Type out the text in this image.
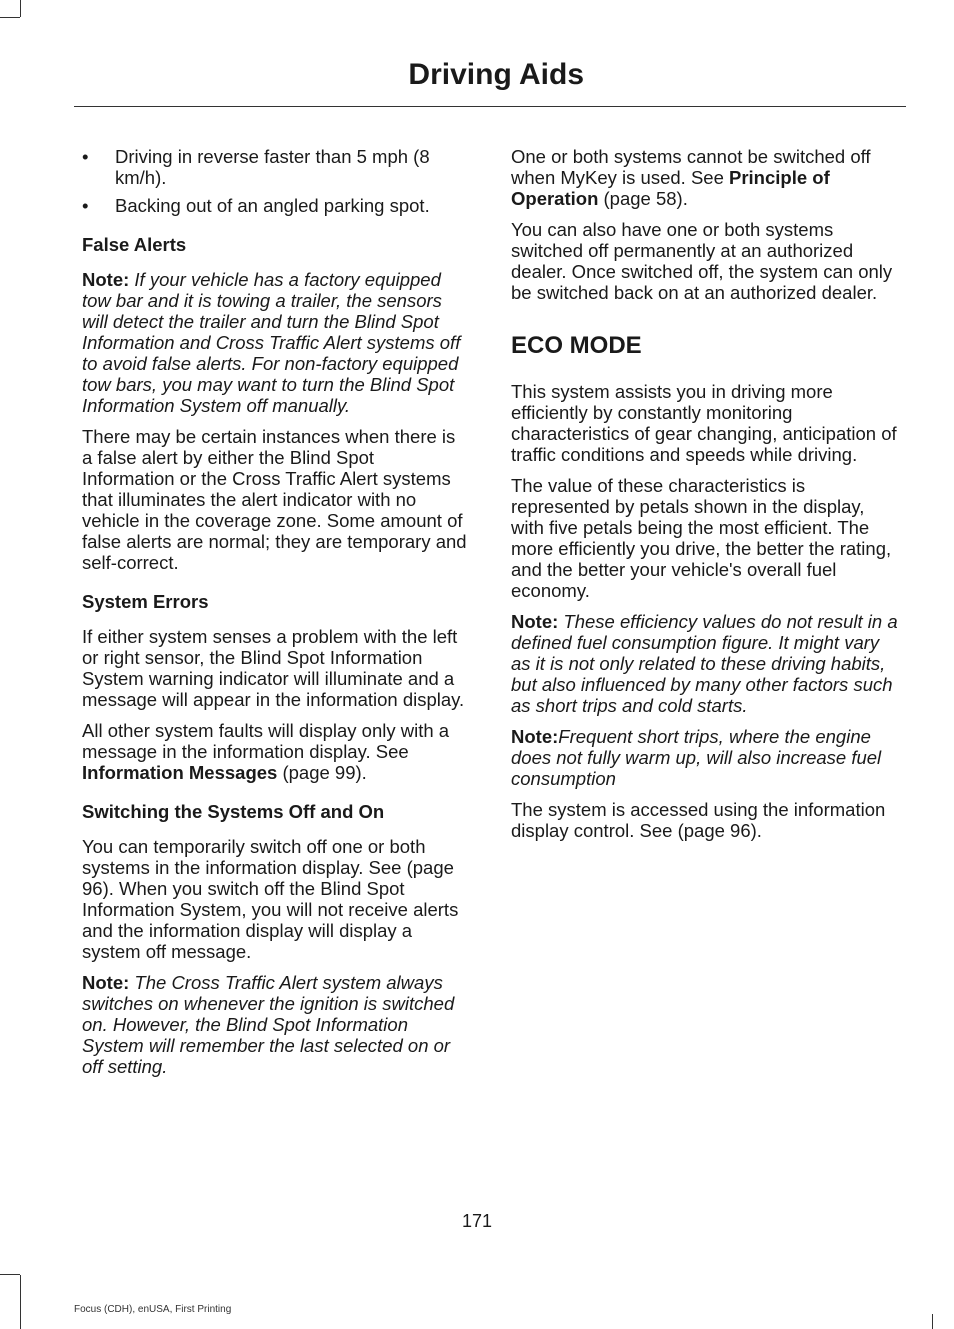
Driving Aids
• Driving in reverse faster than 5 mph (8 km/h).
• Backing out of an angled parking spot.
False Alerts

Note: If your vehicle has a factory equipped tow bar and it is towing a trailer, the sensors will detect the trailer and turn the Blind Spot Information and Cross Traffic Alert systems off to avoid false alerts. For non-factory equipped tow bars, you may want to turn the Blind Spot Information System off manually.

There may be certain instances when there is a false alert by either the Blind Spot Information or the Cross Traffic Alert systems that illuminates the alert indicator with no vehicle in the coverage zone. Some amount of false alerts are normal; they are temporary and self-correct.

System Errors

If either system senses a problem with the left or right sensor, the Blind Spot Information System warning indicator will illuminate and a message will appear in the information display.

All other system faults will display only with a message in the information display. See Information Messages (page 99).

Switching the Systems Off and On

You can temporarily switch off one or both systems in the information display. See (page 96). When you switch off the Blind Spot Information System, you will not receive alerts and the information display will display a system off message.

Note: The Cross Traffic Alert system always switches on whenever the ignition is switched on. However, the Blind Spot Information System will remember the last selected on or off setting.

One or both systems cannot be switched off when MyKey is used. See Principle of Operation (page 58).

You can also have one or both systems switched off permanently at an authorized dealer. Once switched off, the system can only be switched back on at an authorized dealer.

ECO MODE

This system assists you in driving more efficiently by constantly monitoring characteristics of gear changing, anticipation of traffic conditions and speeds while driving.

The value of these characteristics is represented by petals shown in the display, with five petals being the most efficient. The more efficiently you drive, the better the rating, and the better your vehicle's overall fuel economy.

Note: These efficiency values do not result in a defined fuel consumption figure. It might vary as it is not only related to these driving habits, but also influenced by many other factors such as short trips and cold starts.

Note:Frequent short trips, where the engine does not fully warm up, will also increase fuel consumption

The system is accessed using the information display control. See (page 96).

171
Focus (CDH), enUSA, First Printing
